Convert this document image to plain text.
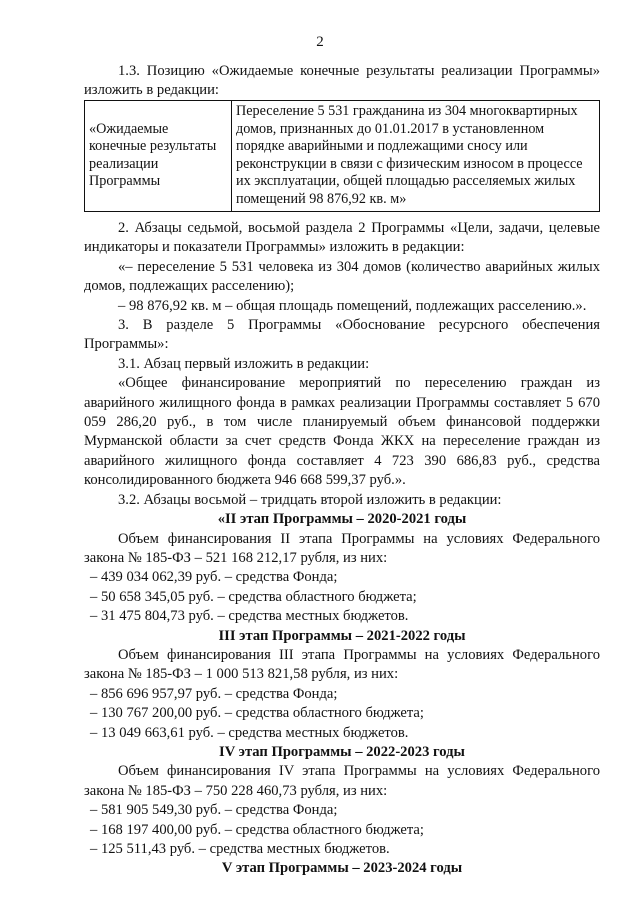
2

1.3. Позицию «Ожидаемые конечные результаты реализации Программы»

изложить в редакции:

«Ожидаемые конечные результаты реализации Программы	Переселение 5 531 гражданина из 304 многоквартирных домов, признанных до 01.01.2017 в установленном порядке аварийными и подлежащими сносу или реконструкции в связи с физическим износом в процессе их эксплуатации, общей площадью расселяемых жилых помещений 98 876,92 кв. м»

2. Абзацы седьмой, восьмой раздела 2 Программы «Цели, задачи, целевые индикаторы и показатели Программы» изложить в редакции:

«– переселение 5 531 человека из 304 домов (количество аварийных жилых домов, подлежащих расселению);

– 98 876,92 кв. м – общая площадь помещений, подлежащих расселению.».

3. В разделе 5 Программы «Обоснование ресурсного обеспечения Программы»:

3.1. Абзац первый изложить в редакции:

«Общее финансирование мероприятий по переселению граждан из аварийного жилищного фонда в рамках реализации Программы составляет 5 670 059 286,20 руб., в том числе планируемый объем финансовой поддержки Мурманской области за счет средств Фонда ЖКХ на переселение граждан из аварийного жилищного фонда составляет 4 723 390 686,83 руб., средства консолидированного бюджета 946 668 599,37 руб.».

3.2. Абзацы восьмой – тридцать второй изложить в редакции:

«II этап Программы – 2020-2021 годы

Объем финансирования II этапа Программы на условиях Федерального закона № 185-ФЗ – 521 168 212,17 рубля, из них:

– 439 034 062,39 руб. – средства Фонда;

– 50 658 345,05 руб. – средства областного бюджета;

– 31 475 804,73 руб. – средства местных бюджетов.

III этап Программы – 2021-2022 годы

Объем финансирования III этапа Программы на условиях Федерального закона № 185-ФЗ – 1 000 513 821,58 рубля, из них:

– 856 696 957,97 руб. – средства Фонда;

– 130 767 200,00 руб. – средства областного бюджета;

– 13 049 663,61 руб. – средства местных бюджетов.

IV этап Программы – 2022-2023 годы

Объем финансирования IV этапа Программы на условиях Федерального закона № 185-ФЗ – 750 228 460,73 рубля, из них:

– 581 905 549,30 руб. – средства Фонда;

– 168 197 400,00 руб. – средства областного бюджета;

– 125 511,43 руб. – средства местных бюджетов.

V этап Программы – 2023-2024 годы
